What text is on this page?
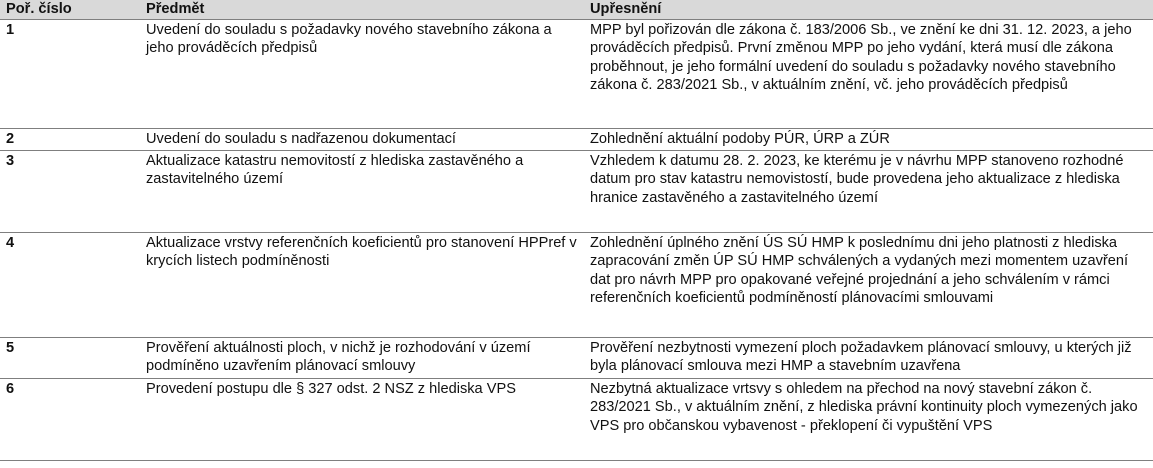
Poř. číslo	Předmět	Upřesnění
1	Uvedení do souladu s požadavky nového stavebního zákona a jeho prováděcích předpisů	MPP byl pořizován dle zákona č. 183/2006 Sb., ve znění ke dni 31. 12. 2023, a jeho prováděcích předpisů. První změnou MPP po jeho vydání, která musí dle zákona proběhnout, je jeho formální uvedení do souladu s požadavky nového stavebního zákona č. 283/2021 Sb., v aktuálním znění, vč. jeho prováděcích předpisů
2	Uvedení do souladu s nadřazenou dokumentací	Zohlednění aktuální podoby PÚR, ÚRP a ZÚR
3	Aktualizace katastru nemovitostí z hlediska zastavěného a zastavitelného území	Vzhledem k datumu 28. 2. 2023, ke kterému je v návrhu MPP stanoveno rozhodné datum pro stav katastru nemovistostí, bude provedena jeho aktualizace z hlediska hranice zastavěného a zastavitelného území
4	Aktualizace vrstvy referenčních koeficientů pro stanovení HPPref v krycích listech podmíněnosti	Zohlednění úplného znění ÚS SÚ HMP k poslednímu dni jeho platnosti z hlediska zapracování změn ÚP SÚ HMP schválených a vydaných mezi momentem uzavření dat pro návrh MPP pro opakované veřejné projednání a jeho schválením v rámci referenčních koeficientů podmíněností plánovacími smlouvami
5	Prověření aktuálnosti ploch, v nichž je rozhodování v území podmíněno uzavřením plánovací smlouvy	Prověření nezbytnosti vymezení ploch požadavkem plánovací smlouvy, u kterých již byla plánovací smlouva mezi HMP a stavebním uzavřena
6	Provedení postupu dle § 327 odst. 2 NSZ z hlediska VPS	Nezbytná aktualizace vrtsvy s ohledem na přechod na nový stavební zákon č. 283/2021 Sb., v aktuálním znění, z hlediska právní kontinuity ploch vymezených jako VPS pro občanskou vybavenost - překlopení či vypuštění VPS
